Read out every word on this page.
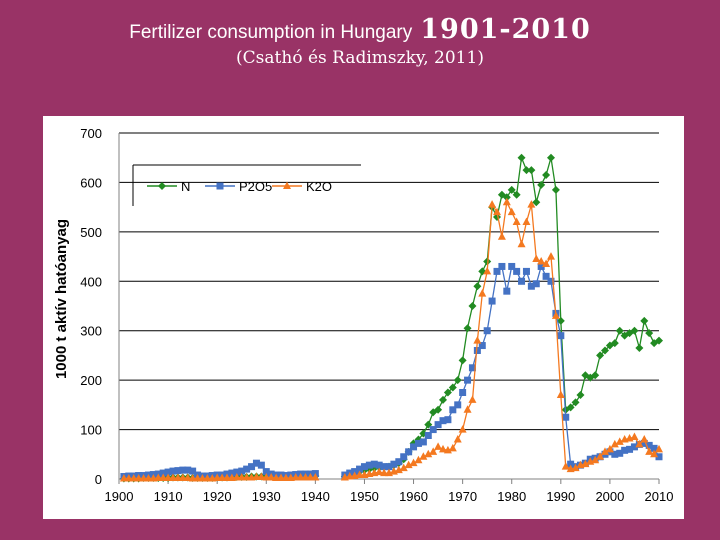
Fertilizer consumption in Hungary 1901-2010
(Csathó és Radimszky, 2011)
1000 t aktív hatóanyag
0
100
200
300
400
500
600
700
1900 1910 1920 1930 1940 1950 1960 1970 1980 1990 2000 2010
N	P2O5	K2O
